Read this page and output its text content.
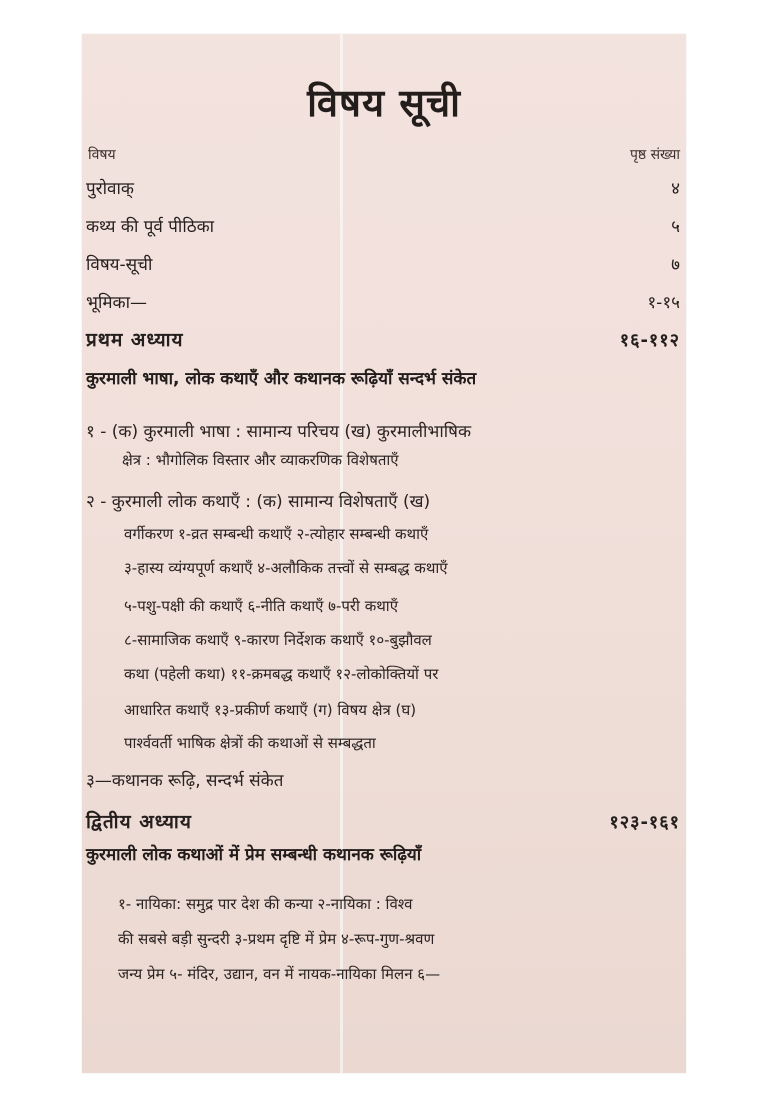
विषय सूची
विषय	पृष्ठ संख्या
पुरोवाक्	४
कथ्य की पूर्व पीठिका	५
विषय-सूची	७
भूमिका—	१-१५
प्रथम अध्याय	१६-११२
कुरमाली भाषा, लोक कथाएँ और कथानक रूढ़ियाँ सन्दर्भ संकेत
१ - (क) कुरमाली भाषा : सामान्य परिचय (ख) कुरमालीभाषिक
क्षेत्र : भौगोलिक विस्तार और व्याकरणिक विशेषताएँ
२ - कुरमाली लोक कथाएँ : (क) सामान्य विशेषताएँ (ख)
वर्गीकरण १-व्रत सम्बन्धी कथाएँ २-त्योहार सम्बन्धी कथाएँ
३-हास्य व्यंग्यपूर्ण कथाएँ ४-अलौकिक तत्त्वों से सम्बद्ध कथाएँ
५-पशु-पक्षी की कथाएँ ६-नीति कथाएँ ७-परी कथाएँ
८-सामाजिक कथाएँ ९-कारण निर्देशक कथाएँ १०-बुझौवल
कथा (पहेली कथा) ११-क्रमबद्ध कथाएँ १२-लोकोक्तियों पर
आधारित कथाएँ १३-प्रकीर्ण कथाएँ (ग) विषय क्षेत्र (घ)
पार्श्ववर्ती भाषिक क्षेत्रों की कथाओं से सम्बद्धता
३—कथानक रूढ़ि, सन्दर्भ संकेत
द्वितीय अध्याय	१२३-१६१
कुरमाली लोक कथाओं में प्रेम सम्बन्धी कथानक रूढ़ियाँ
१- नायिका: समुद्र पार देश की कन्या २-नायिका : विश्व
की सबसे बड़ी सुन्दरी ३-प्रथम दृष्टि में प्रेम ४-रूप-गुण-श्रवण
जन्य प्रेम ५- मंदिर, उद्यान, वन में नायक-नायिका मिलन ६—
